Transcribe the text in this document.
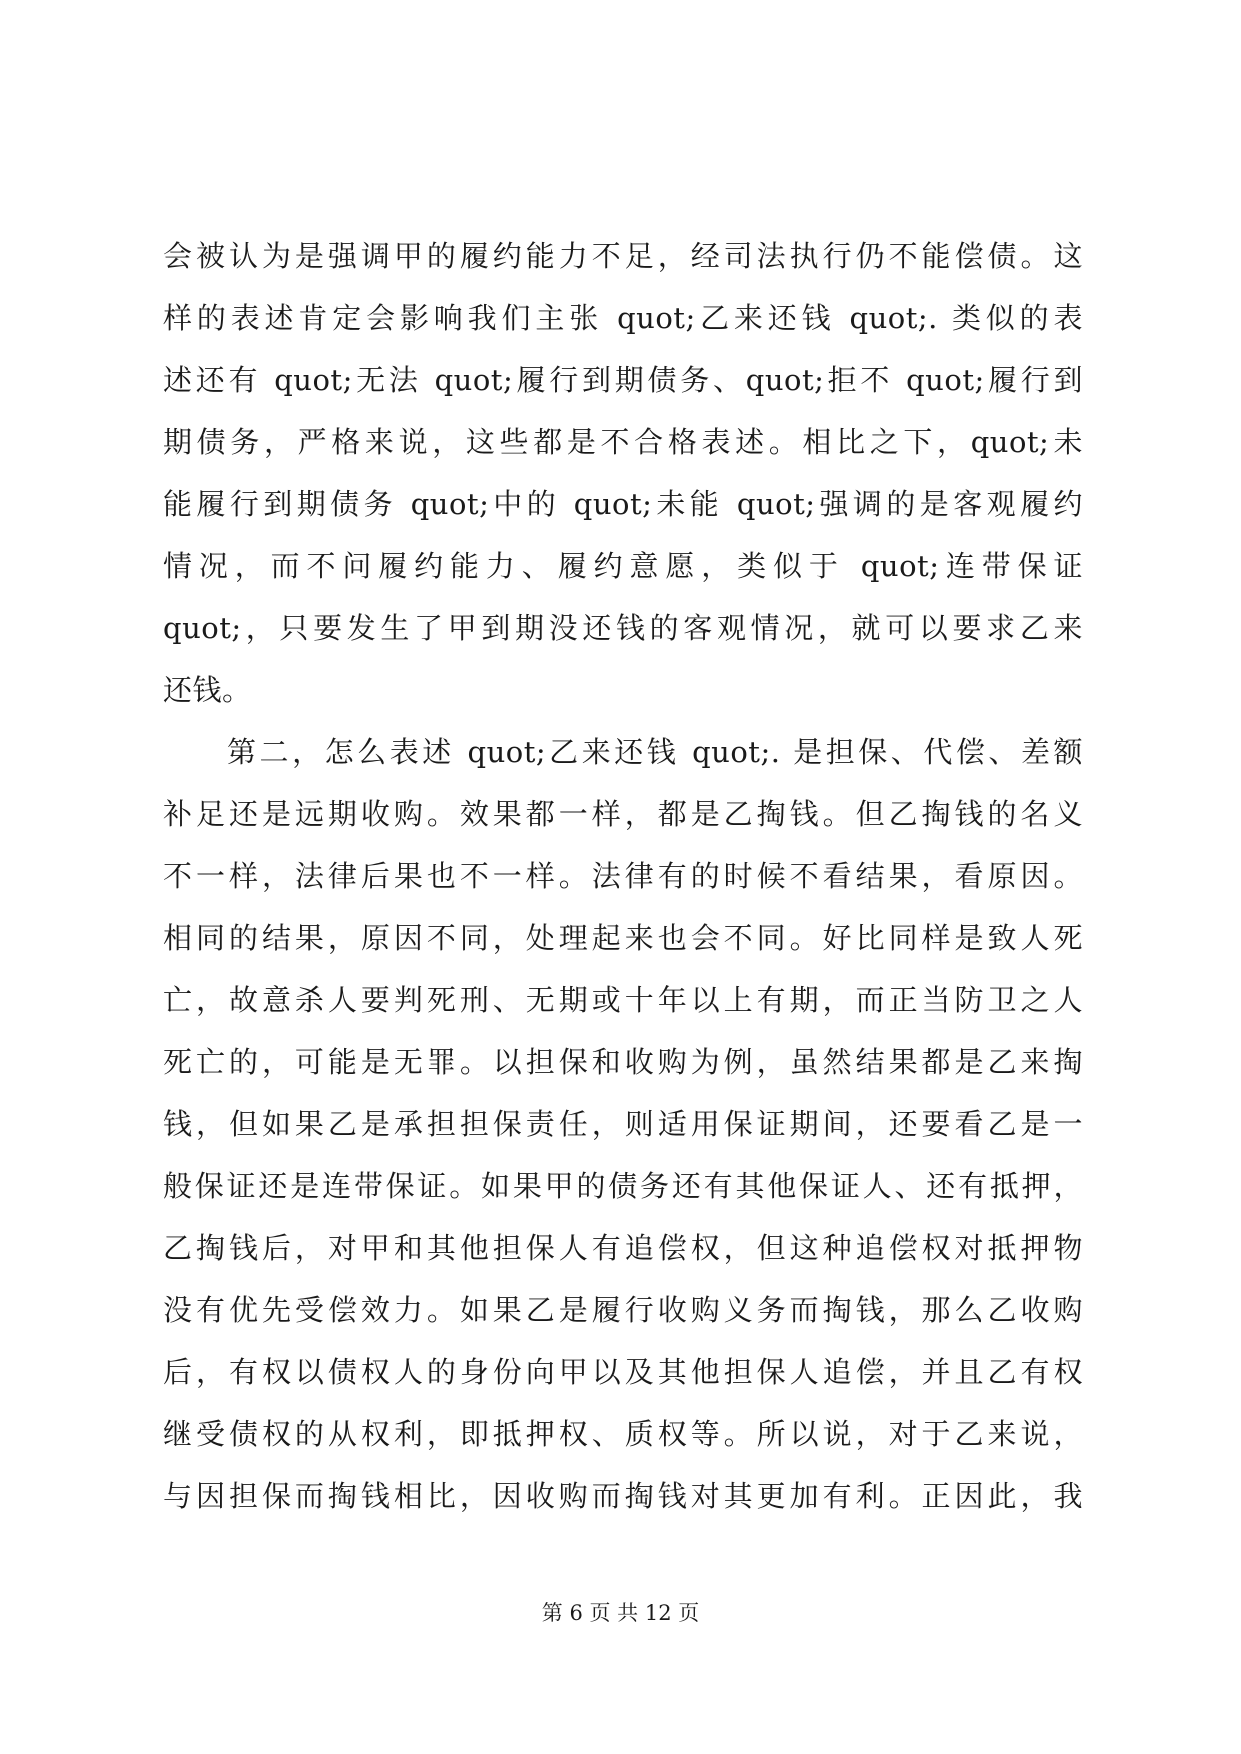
会被认为是强调甲的履约能力不足，经司法执行仍不能偿债。这
样的表述肯定会影响我们主张 quot;乙来还钱 quot;. 类似的表
述还有 quot;无法 quot;履行到期债务、quot;拒不 quot;履行到
期债务，严格来说，这些都是不合格表述。相比之下，quot;未
能履行到期债务 quot;中的 quot;未能 quot;强调的是客观履约
情况，而不问履约能力、履约意愿，类似于 quot;连带保证
quot;，只要发生了甲到期没还钱的客观情况，就可以要求乙来
还钱。
第二，怎么表述 quot;乙来还钱 quot;. 是担保、代偿、差额
补足还是远期收购。效果都一样，都是乙掏钱。但乙掏钱的名义
不一样，法律后果也不一样。法律有的时候不看结果，看原因。
相同的结果，原因不同，处理起来也会不同。好比同样是致人死
亡，故意杀人要判死刑、无期或十年以上有期，而正当防卫之人
死亡的，可能是无罪。以担保和收购为例，虽然结果都是乙来掏
钱，但如果乙是承担担保责任，则适用保证期间，还要看乙是一
般保证还是连带保证。如果甲的债务还有其他保证人、还有抵押，
乙掏钱后，对甲和其他担保人有追偿权，但这种追偿权对抵押物
没有优先受偿效力。如果乙是履行收购义务而掏钱，那么乙收购
后，有权以债权人的身份向甲以及其他担保人追偿，并且乙有权
继受债权的从权利，即抵押权、质权等。所以说，对于乙来说，
与因担保而掏钱相比，因收购而掏钱对其更加有利。正因此，我
第 6 页 共 12 页
